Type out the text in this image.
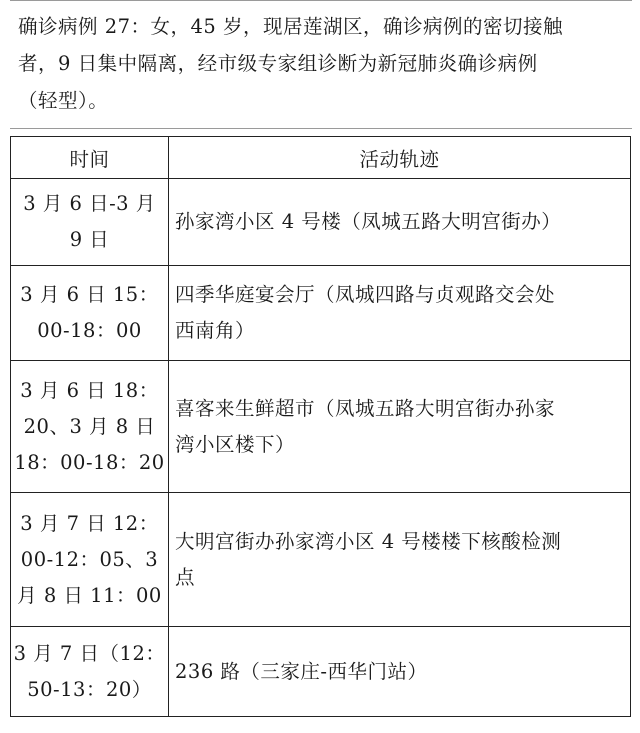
确诊病例 27：女，45 岁，现居莲湖区，确诊病例的密切接触
者，9 日集中隔离，经市级专家组诊断为新冠肺炎确诊病例
（轻型）。
时间	活动轨迹

3 月 6 日-3 月
9 日	孙家湾小区 4 号楼（凤城五路大明宫街办）

3 月 6 日 15：
00-18：00	四季华庭宴会厅（凤城四路与贞观路交会处
西南角）

3 月 6 日 18：
20、3 月 8 日
18：00-18：20	喜客来生鲜超市（凤城五路大明宫街办孙家
湾小区楼下）

3 月 7 日 12：
00-12：05、3
月 8 日 11：00	大明宫街办孙家湾小区 4 号楼楼下核酸检测
点

3 月 7 日（12：
50-13：20）	236 路（三家庄-西华门站）
